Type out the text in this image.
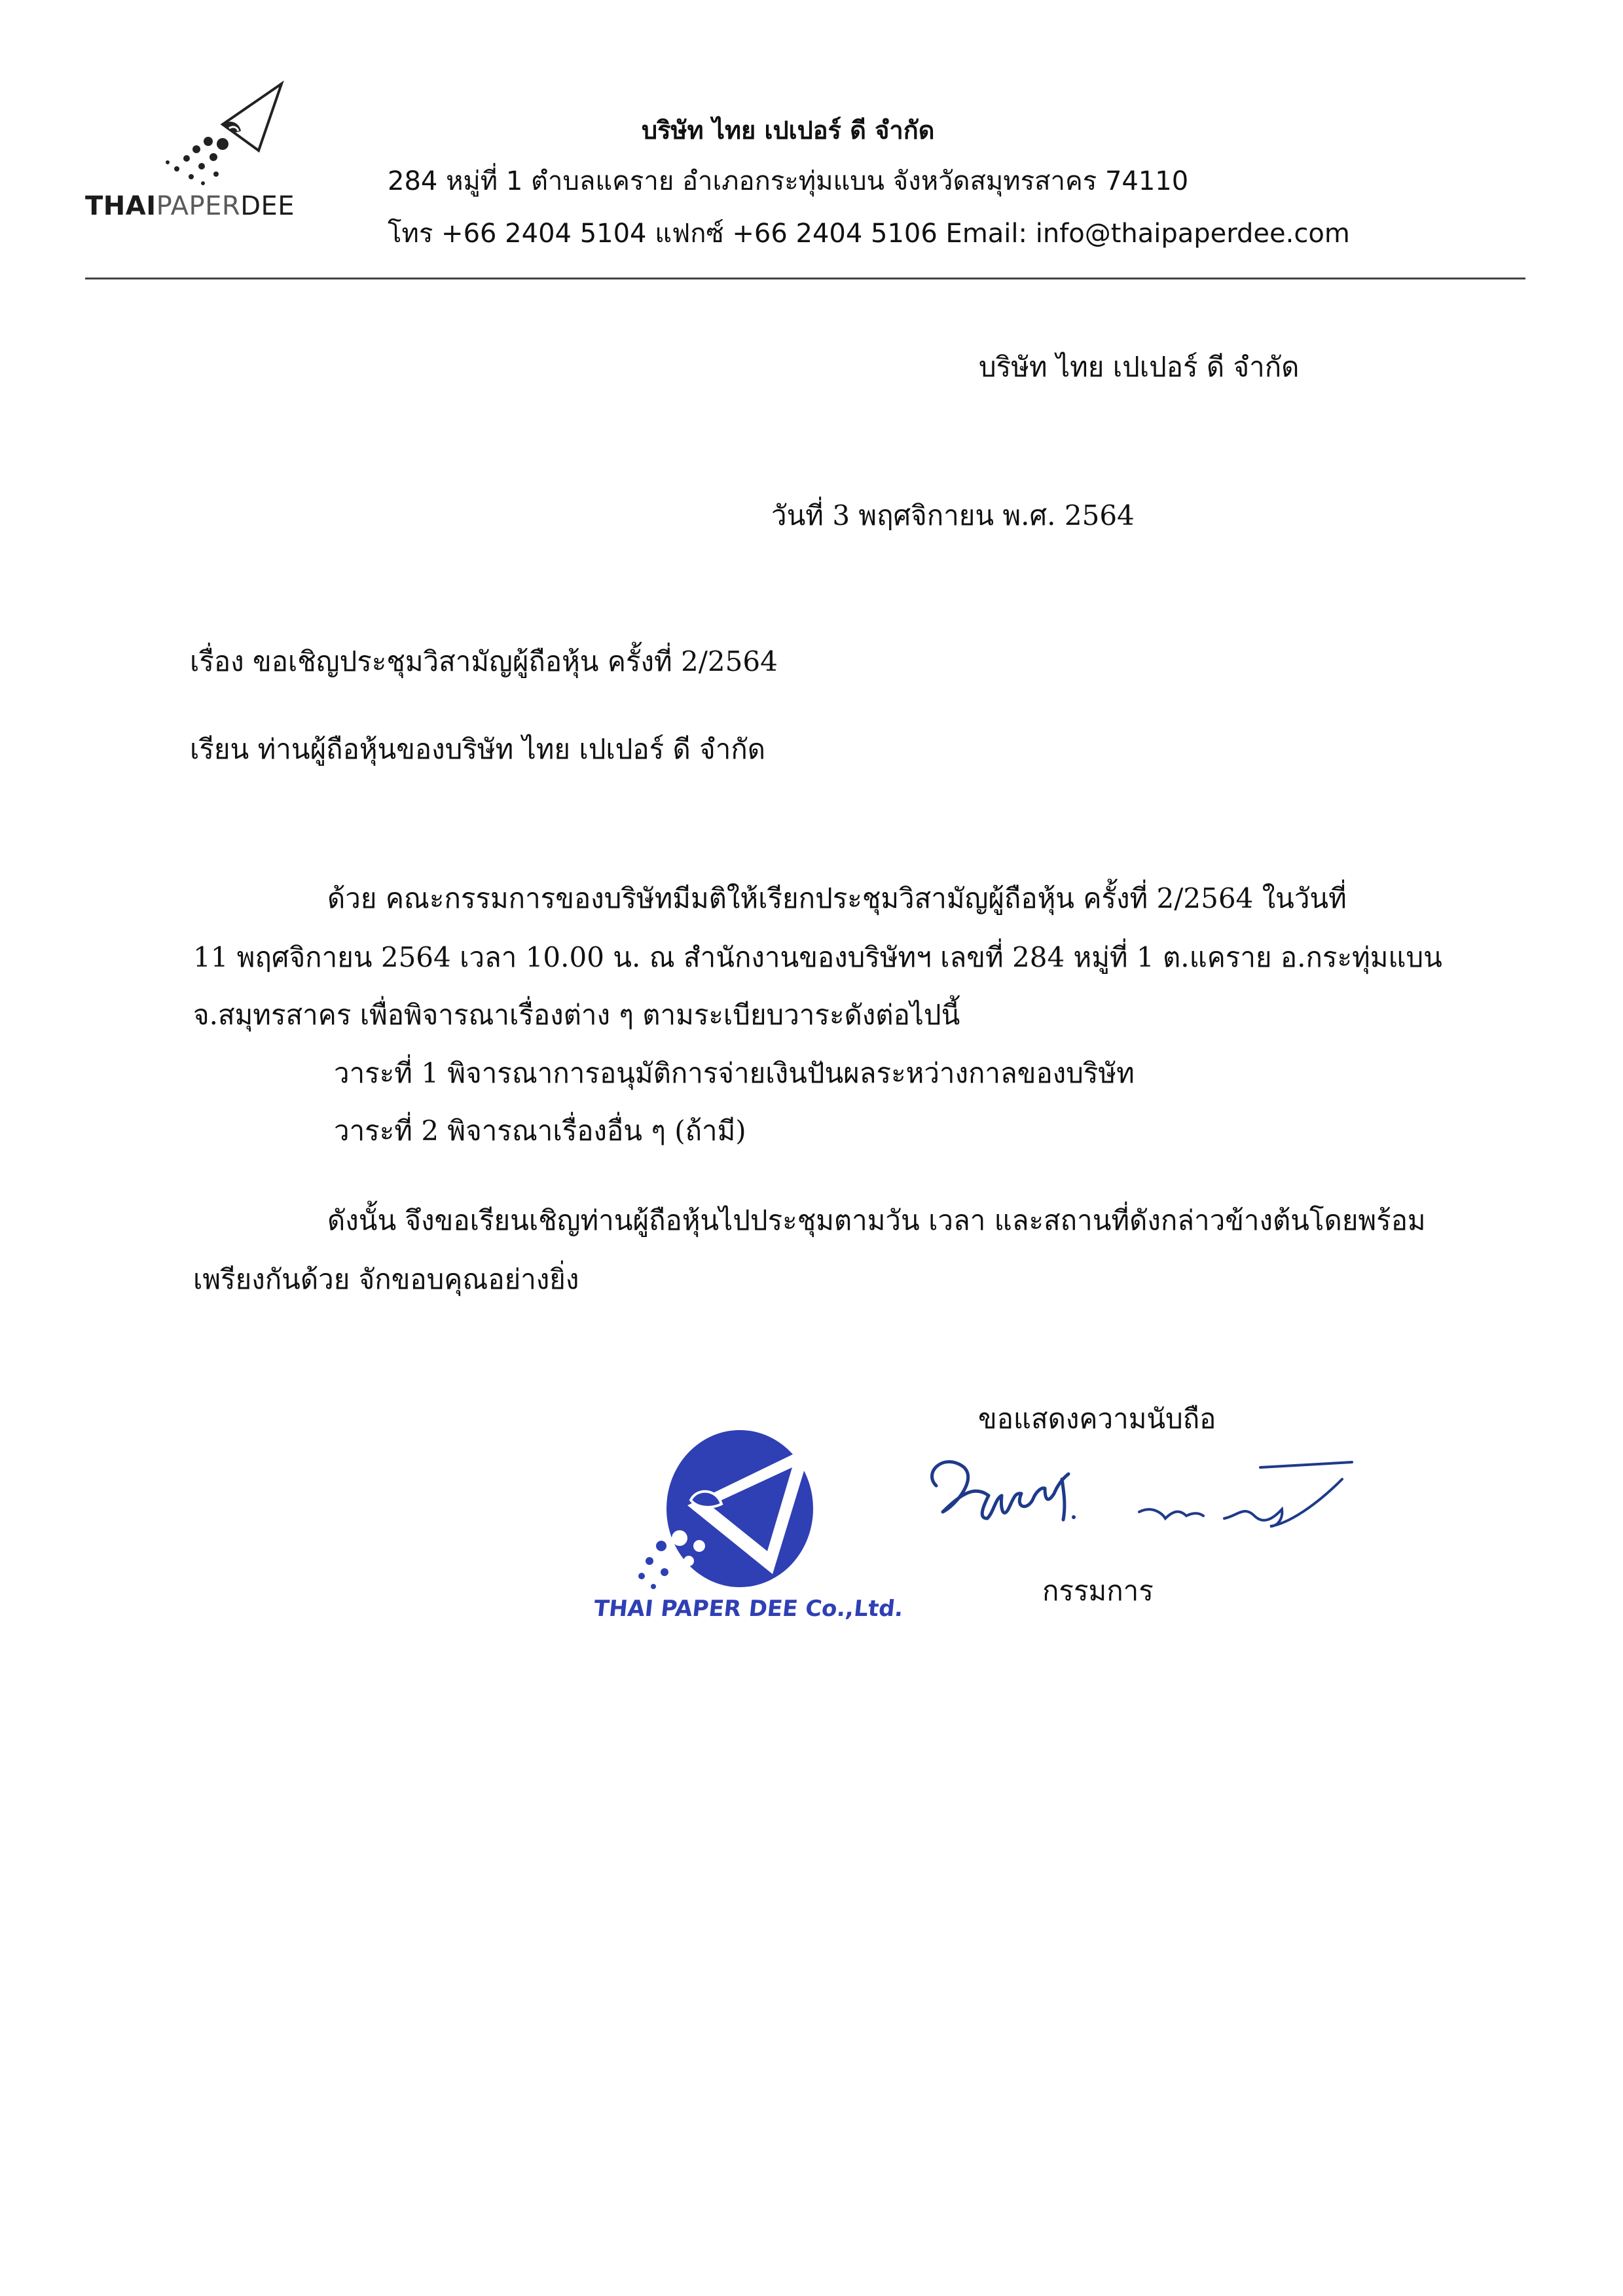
THAIPAPERDEE
บริษัท ไทย เปเปอร์ ดี จำกัด
284 หมู่ที่ 1 ตำบลแคราย อำเภอกระทุ่มแบน จังหวัดสมุทรสาคร 74110
โทร +66 2404 5104 แฟกซ์ +66 2404 5106 Email: info@thaipaperdee.com
บริษัท ไทย เปเปอร์ ดี จำกัด
วันที่ 3 พฤศจิกายน พ.ศ. 2564
เรื่อง ขอเชิญประชุมวิสามัญผู้ถือหุ้น ครั้งที่ 2/2564
เรียน ท่านผู้ถือหุ้นของบริษัท ไทย เปเปอร์ ดี จำกัด
ด้วย คณะกรรมการของบริษัทมีมติให้เรียกประชุมวิสามัญผู้ถือหุ้น ครั้งที่ 2/2564 ในวันที่
11 พฤศจิกายน 2564 เวลา 10.00 น. ณ สำนักงานของบริษัทฯ เลขที่ 284 หมู่ที่ 1 ต.แคราย อ.กระทุ่มแบน
จ.สมุทรสาคร เพื่อพิจารณาเรื่องต่าง ๆ ตามระเบียบวาระดังต่อไปนี้
วาระที่ 1 พิจารณาการอนุมัติการจ่ายเงินปันผลระหว่างกาลของบริษัท
วาระที่ 2 พิจารณาเรื่องอื่น ๆ (ถ้ามี)
ดังนั้น จึงขอเรียนเชิญท่านผู้ถือหุ้นไปประชุมตามวัน เวลา และสถานที่ดังกล่าวข้างต้นโดยพร้อม
เพรียงกันด้วย จักขอบคุณอย่างยิ่ง
ขอแสดงความนับถือ
THAI PAPER DEE Co.,Ltd.
กรรมการ
